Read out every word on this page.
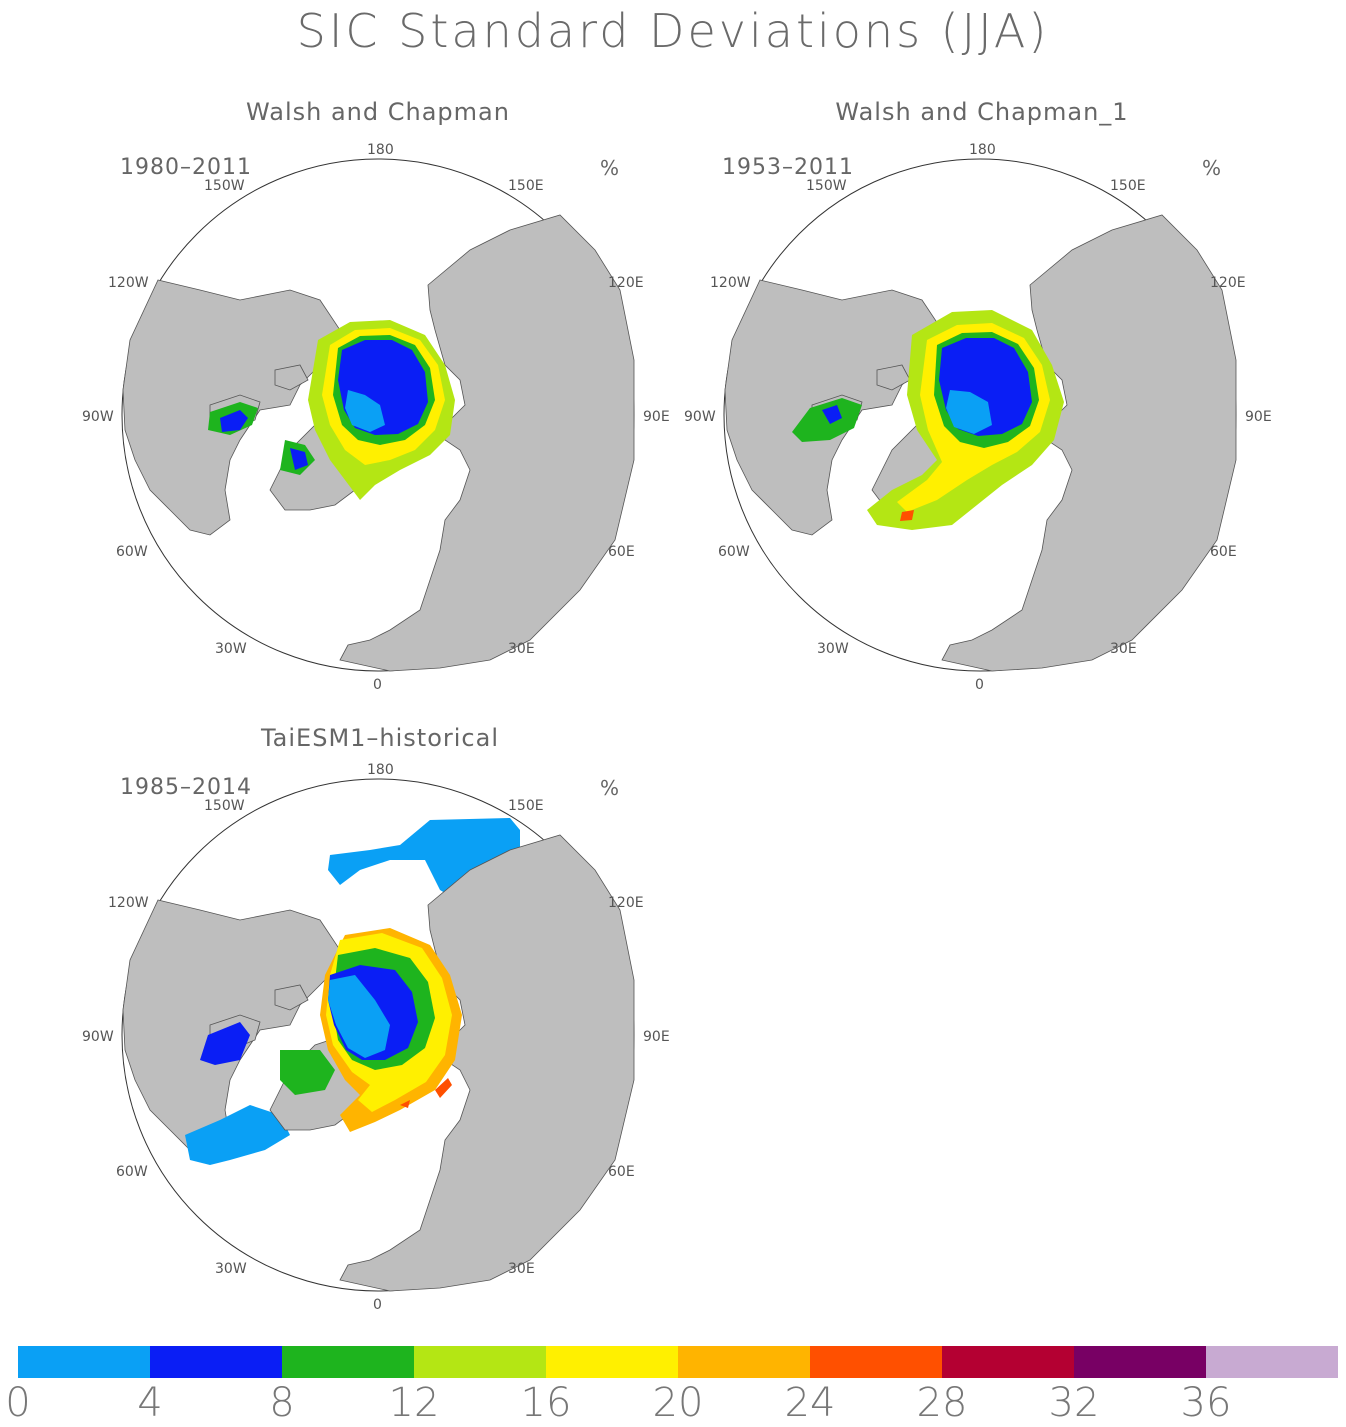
SIC Standard Deviations (JJA)
Walsh and Chapman
1980–2011	%
180
150E
120E
90E
60E
30E
0
30W
60W
90W
120W
150W
Walsh and Chapman_1
1953–2011	%
180
150E
120E
90E
60E
30E
0
30W
60W
90W
120W
150W
TaiESM1–historical
1985–2014	%
180
150E
120E
90E
60E
30E
0
30W
60W
90W
120W
150W
0	4	8 12 16 20 24 28 32 36
